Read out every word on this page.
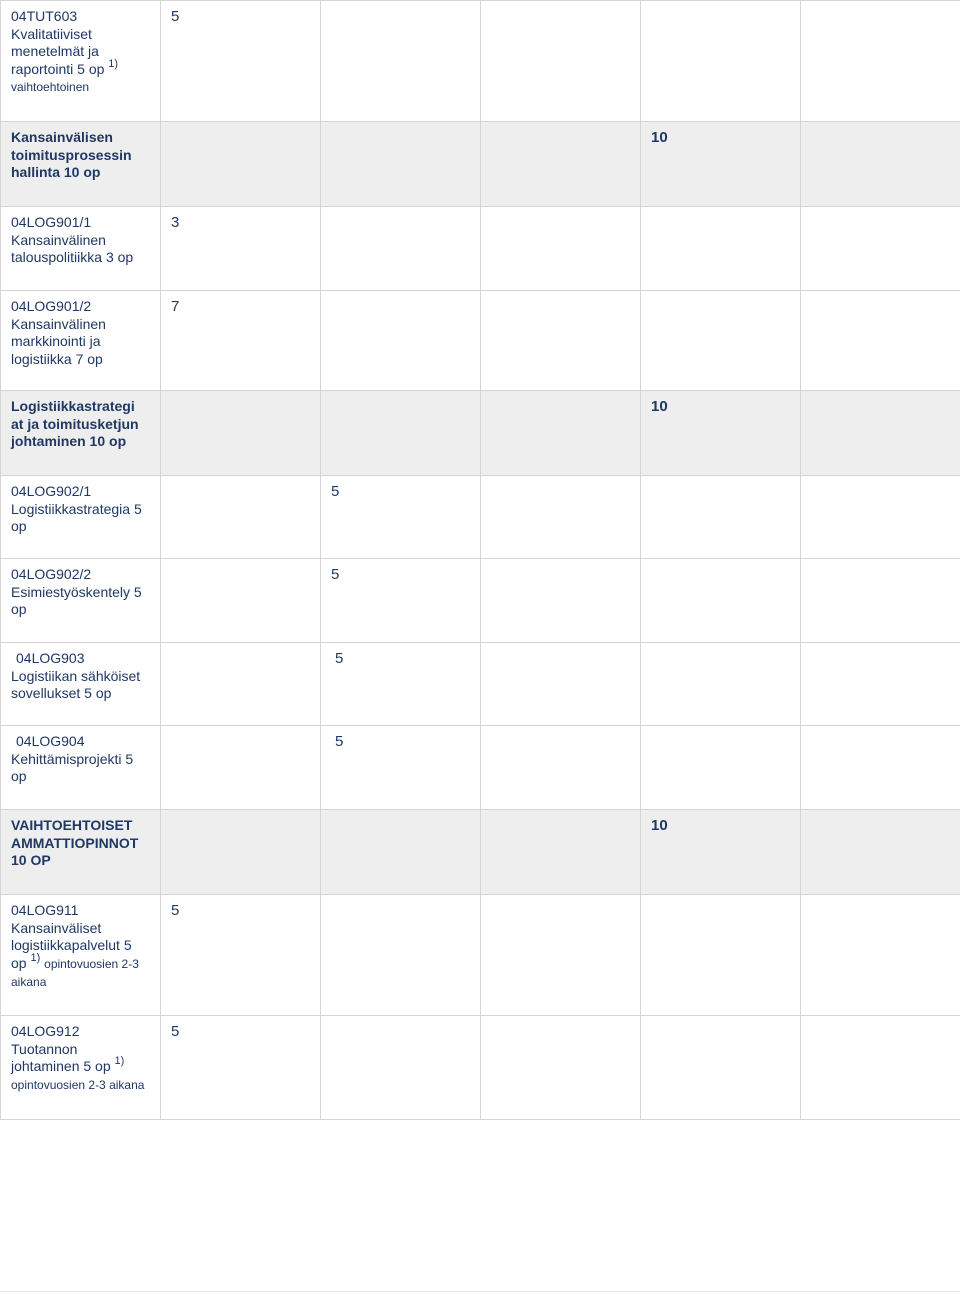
04TUT603
Kvalitatiiviset
menetelmät ja
raportointi 5 op $^{1)}$
vaihtoehtoinen	5				
Kansainvälisen
toimitusprosessin
hallinta 10 op				10	
04LOG901/1
Kansainvälinen
talouspolitiikka 3 op	3				
04LOG901/2
Kansainvälinen
markkinointi ja
logistiikka 7 op	7				
Logistiikkastrategi
at ja toimitusketjun
johtaminen 10 op				10	
04LOG902/1
Logistiikkastrategia 5
op		5			
04LOG902/2
Esimiestyöskentely 5
op		5			
04LOG903
Logistiikan sähköiset
sovellukset 5 op		5			
04LOG904
Kehittämisprojekti 5
op		5			
VAIHTOEHTOISET
AMMATTIOPINNOT
10 OP				10	
04LOG911
Kansainväliset
logistiikkapalvelut 5
op $^{1)}$ opintovuosien 2-3
aikana	5				
04LOG912
Tuotannon
johtaminen 5 op $^{1)}$
opintovuosien 2-3 aikana	5				
